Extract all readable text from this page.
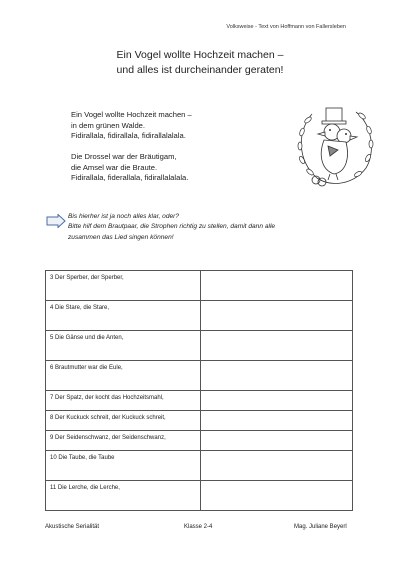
Volksweise - Text von Hoffmann von Fallersleben
Ein Vogel wollte Hochzeit machen –
und alles ist durcheinander geraten!
Ein Vogel wollte Hochzeit machen –
in dem grünen Walde.
Fidirallala, fidirallala, fidirallalalala.
Die Drossel war der Bräutigam,
die Amsel war die Braute.
Fidirallala, fiderallala, fidirallalalala.
Bis hierher ist ja noch alles klar, oder?
Bitte hilf dem Brautpaar, die Strophen richtig zu stellen, damit dann alle
zusammen das Lied singen können!
3 Der Sperber, der Sperber,
4 Die Stare, die Stare,
5 Die Gänse und die Anten,
6 Brautmutter war die Eule,
7 Der Spatz, der kocht das Hochzeitsmahl,
8 Der Kuckuck schreit, der Kuckuck schreit,
9 Der Seidenschwanz, der Seidenschwanz,
10 Die Taube, die Taube
11 Die Lerche, die Lerche,
Akustische Serialität	Klasse 2-4	Mag. Juliane Beyerl
